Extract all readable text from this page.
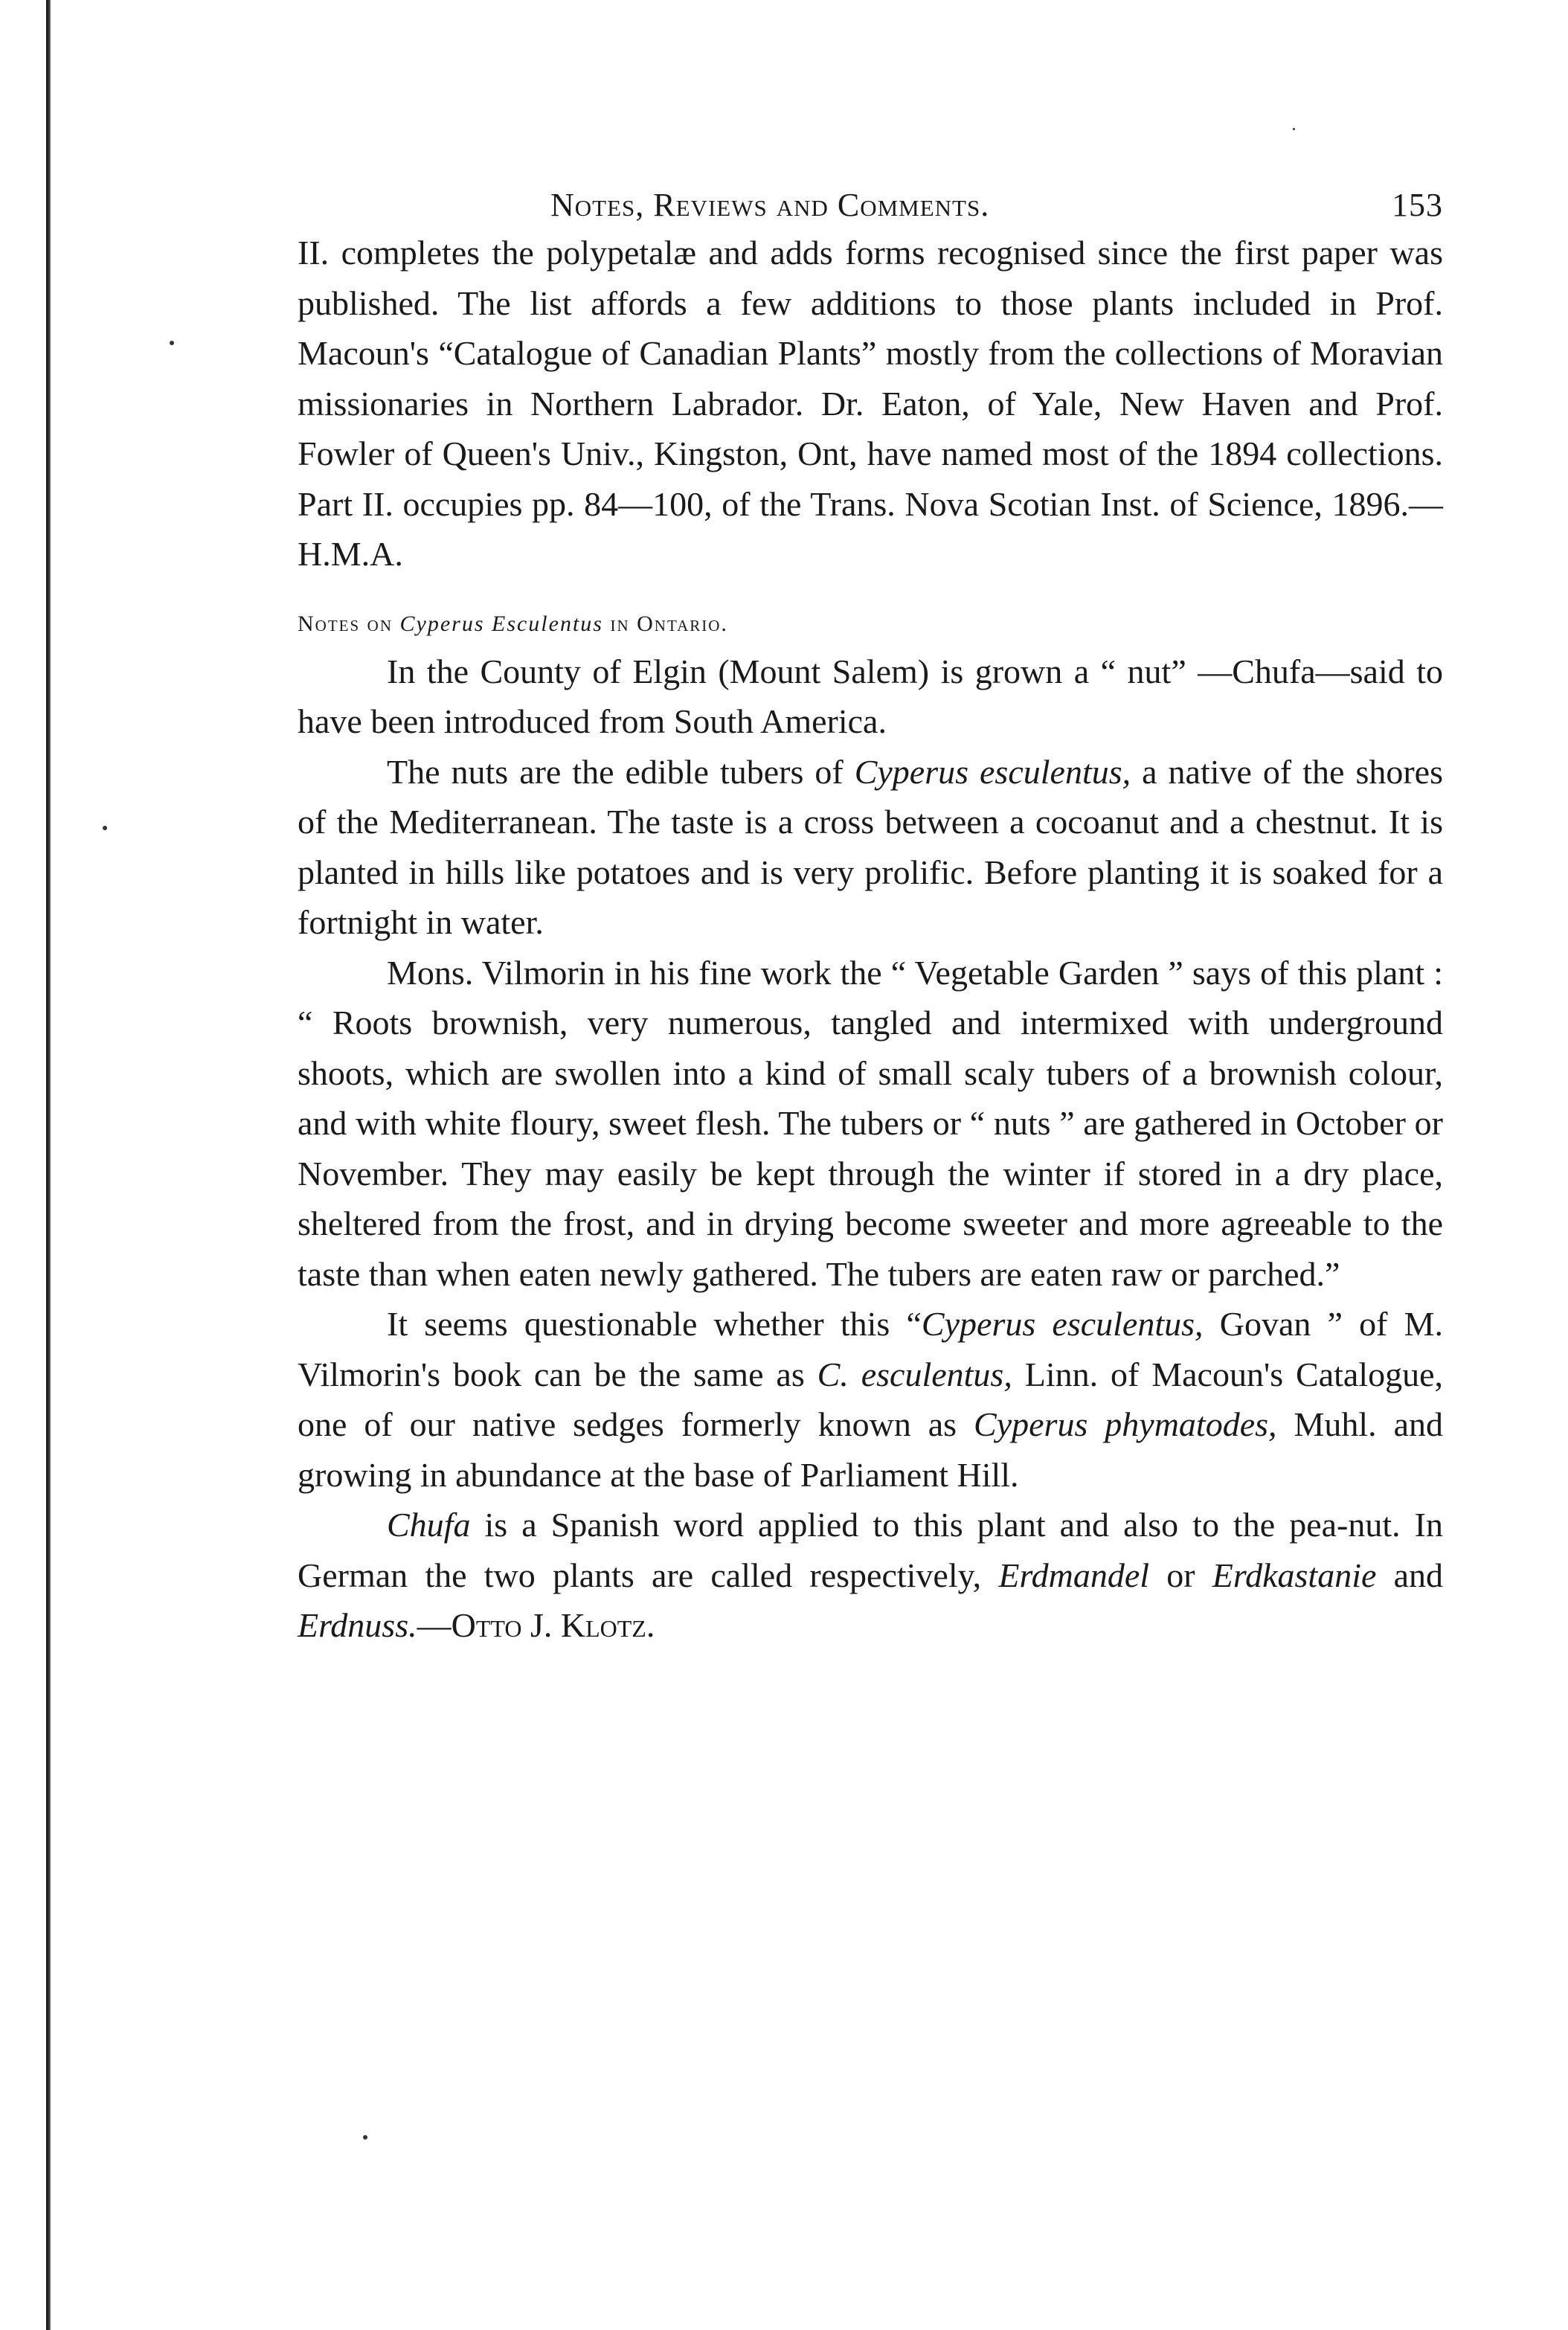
Notes, Reviews and Comments.	153

II. completes the polypetalæ and adds forms recognised since the first paper was published. The list affords a few additions to those plants included in Prof. Macoun's “Catalogue of Canadian Plants” mostly from the collections of Moravian missionaries in Northern Labrador. Dr. Eaton, of Yale, New Haven and Prof. Fowler of Queen's Univ., Kingston, Ont, have named most of the 1894 collections. Part II. occupies pp. 84—100, of the Trans. Nova Scotian Inst. of Science, 1896.—H.M.A.

Notes on Cyperus Esculentus in Ontario.

In the County of Elgin (Mount Salem) is grown a “ nut” —Chufa—said to have been introduced from South America.

The nuts are the edible tubers of Cyperus esculentus, a native of the shores of the Mediterranean. The taste is a cross between a cocoanut and a chestnut. It is planted in hills like potatoes and is very prolific. Before planting it is soaked for a fortnight in water.

Mons. Vilmorin in his fine work the “ Vegetable Garden ” says of this plant : “ Roots brownish, very numerous, tangled and intermixed with underground shoots, which are swollen into a kind of small scaly tubers of a brownish colour, and with white floury, sweet flesh. The tubers or “ nuts ” are gathered in October or November. They may easily be kept through the winter if stored in a dry place, sheltered from the frost, and in drying become sweeter and more agreeable to the taste than when eaten newly gathered. The tubers are eaten raw or parched.”

It seems questionable whether this “Cyperus esculentus, Govan ” of M. Vilmorin's book can be the same as C. esculentus, Linn. of Macoun's Catalogue, one of our native sedges formerly known as Cyperus phymatodes, Muhl. and growing in abundance at the base of Parliament Hill.

Chufa is a Spanish word applied to this plant and also to the pea-nut. In German the two plants are called respectively, Erdmandel or Erdkastanie and Erdnuss.—Otto J. Klotz.
